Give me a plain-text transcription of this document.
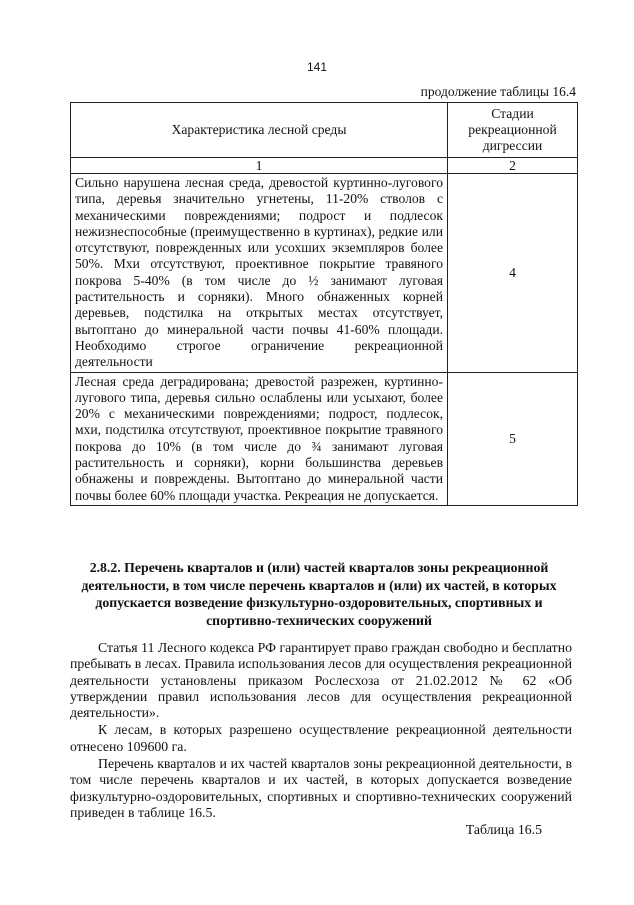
141
продолжение таблицы 16.4
Характеристика лесной среды	Стадии рекреационной дигрессии
1	2
Сильно нарушена лесная среда, древостой куртинно-лугового типа, деревья значительно угнетены, 11-20% стволов с механическими повреждениями; подрост и подлесок нежизнеспособные (преимущественно в куртинах), редкие или отсутствуют, поврежденных или усохших экземпляров более 50%. Мхи отсутствуют, проективное покрытие травяного покрова 5-40% (в том числе до ½ занимают луговая растительность и сорняки). Много обнаженных корней деревьев, подстилка на открытых местах отсутствует, вытоптано до минеральной части почвы 41-60% площади. Необходимо строгое ограничение рекреационной деятельности	4
Лесная среда деградирована; древостой разрежен, куртинно-лугового типа, деревья сильно ослаблены или усыхают, более 20% с механическими повреждениями; подрост, подлесок, мхи, подстилка отсутствуют, проективное покрытие травяного покрова до 10% (в том числе до ¾ занимают луговая растительность и сорняки), корни большинства деревьев обнажены и повреждены. Вытоптано до минеральной части почвы более 60% площади участка. Рекреация не допускается.	5
2.8.2. Перечень кварталов и (или) частей кварталов зоны рекреационной деятельности, в том числе перечень кварталов и (или) их частей, в которых допускается возведение физкультурно-оздоровительных, спортивных и спортивно-технических сооружений

Статья 11 Лесного кодекса РФ гарантирует право граждан свободно и бесплатно пребывать в лесах. Правила использования лесов для осуществления рекреационной деятельности установлены приказом Рослесхоза от 21.02.2012 № 62 «Об утверждении правил использования лесов для осуществления рекреационной деятельности».

К лесам, в которых разрешено осуществление рекреационной деятельности отнесено 109600 га.

Перечень кварталов и их частей кварталов зоны рекреационной деятельности, в том числе перечень кварталов и их частей, в которых допускается возведение физкультурно-оздоровительных, спортивных и спортивно-технических сооружений приведен в таблице 16.5.

Таблица 16.5
